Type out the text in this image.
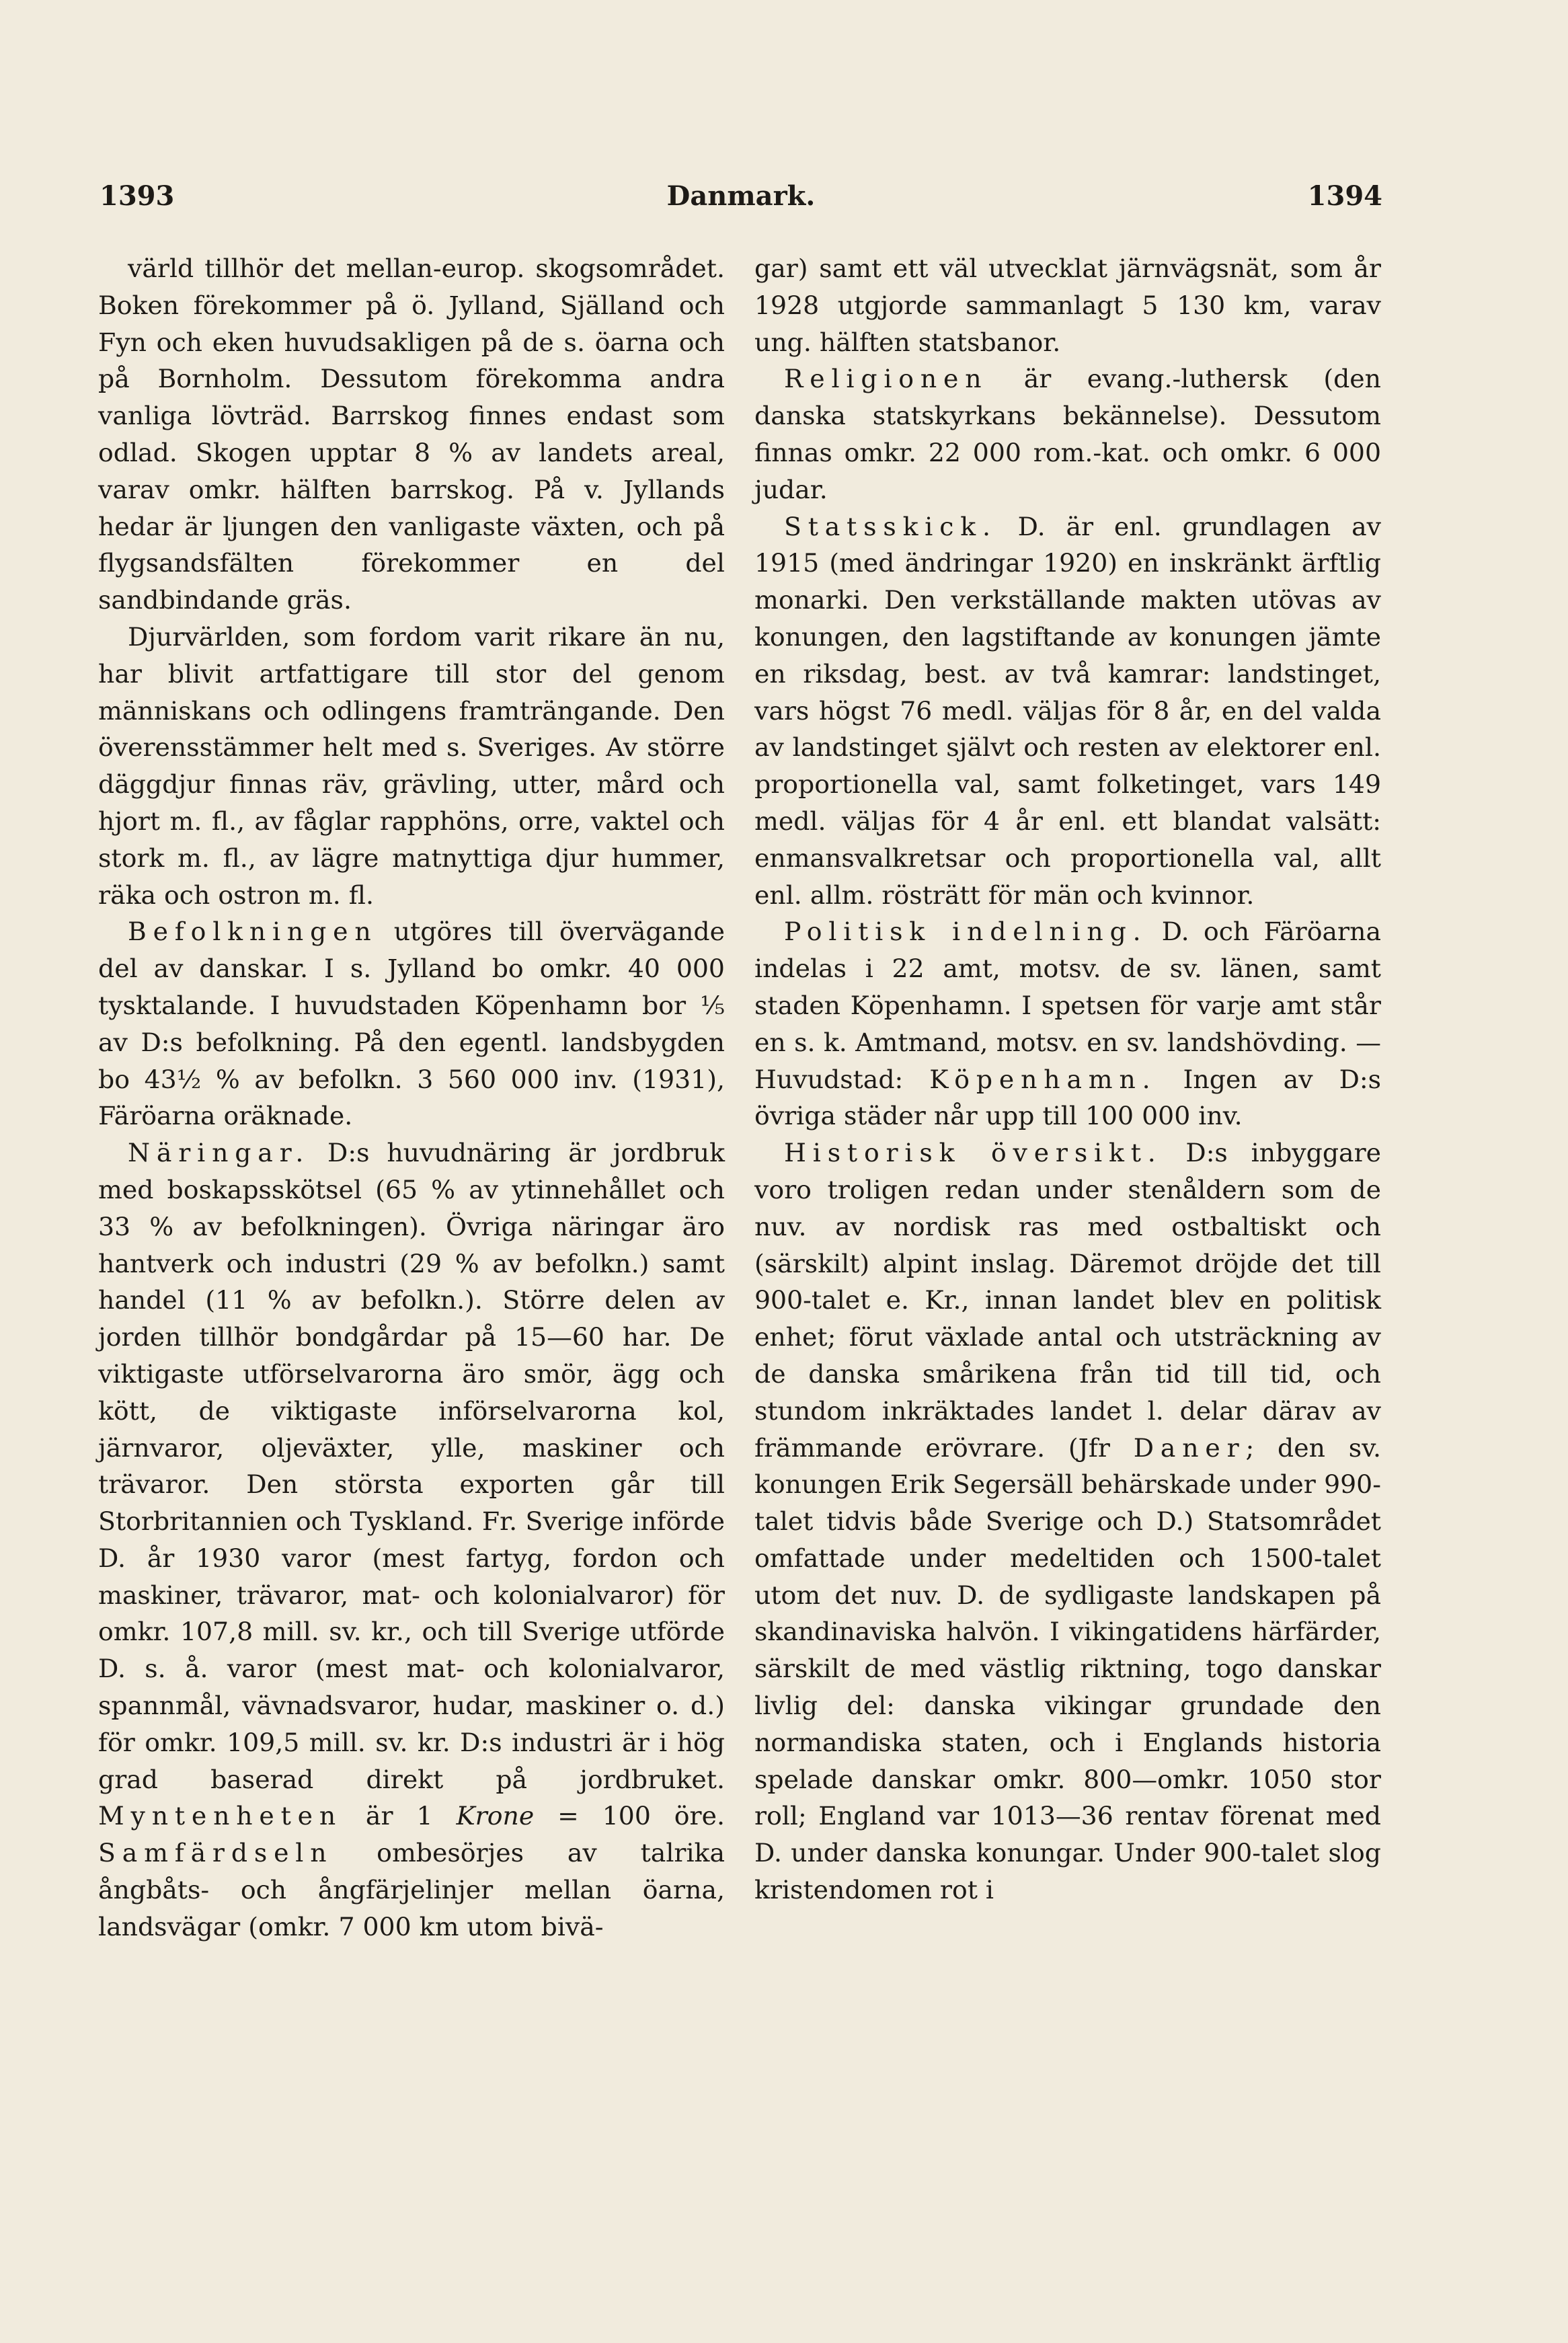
1393	Danmark.	1394

värld tillhör det mellan-europ. skogsområdet. Boken förekommer på ö. Jylland, Själland och Fyn och eken huvudsakligen på de s. öarna och på Bornholm. Dessutom förekomma andra vanliga lövträd. Barrskog finnes endast som odlad. Skogen upptar 8 % av landets areal, varav omkr. hälften barrskog. På v. Jyllands hedar är ljungen den vanligaste växten, och på flygsandsfälten förekommer en del sandbindande gräs.

Djurvärlden, som fordom varit rikare än nu, har blivit artfattigare till stor del genom människans och odlingens framträngande. Den överensstämmer helt med s. Sveriges. Av större däggdjur finnas räv, grävling, utter, mård och hjort m. fl., av fåglar rapphöns, orre, vaktel och stork m. fl., av lägre matnyttiga djur hummer, räka och ostron m. fl.

Befolkningen utgöres till övervägande del av danskar. I s. Jylland bo omkr. 40 000 tysktalande. I huvudstaden Köpenhamn bor ⅕ av D:s befolkning. På den egentl. landsbygden bo 43½ % av befolkn. 3 560 000 inv. (1931), Färöarna oräknade.

Näringar. D:s huvudnäring är jordbruk med boskapsskötsel (65 % av ytinnehållet och 33 % av befolkningen). Övriga näringar äro hantverk och industri (29 % av befolkn.) samt handel (11 % av befolkn.). Större delen av jorden tillhör bondgårdar på 15—60 har. De viktigaste utförselvarorna äro smör, ägg och kött, de viktigaste införselvarorna kol, järnvaror, oljeväxter, ylle, maskiner och trävaror. Den största exporten går till Storbritannien och Tyskland. Fr. Sverige införde D. år 1930 varor (mest fartyg, fordon och maskiner, trävaror, mat- och kolonialvaror) för omkr. 107,8 mill. sv. kr., och till Sverige utförde D. s. å. varor (mest mat- och kolonialvaror, spannmål, vävnadsvaror, hudar, maskiner o. d.) för omkr. 109,5 mill. sv. kr. D:s industri är i hög grad baserad direkt på jordbruket. Myntenheten är 1 Krone = 100 öre. Samfärdseln ombesörjes av talrika ångbåts- och ångfärjelinjer mellan öarna, landsvägar (omkr. 7 000 km utom bivä-

gar) samt ett väl utvecklat järnvägsnät, som år 1928 utgjorde sammanlagt 5 130 km, varav ung. hälften statsbanor.

Religionen är evang.-luthersk (den danska statskyrkans bekännelse). Dessutom finnas omkr. 22 000 rom.-kat. och omkr. 6 000 judar.

Statsskick. D. är enl. grundlagen av 1915 (med ändringar 1920) en inskränkt ärftlig monarki. Den verkställande makten utövas av konungen, den lagstiftande av konungen jämte en riksdag, best. av två kamrar: landstinget, vars högst 76 medl. väljas för 8 år, en del valda av landstinget självt och resten av elektorer enl. proportionella val, samt folketinget, vars 149 medl. väljas för 4 år enl. ett blandat valsätt: enmansvalkretsar och proportionella val, allt enl. allm. rösträtt för män och kvinnor.

Politisk indelning. D. och Färöarna indelas i 22 amt, motsv. de sv. länen, samt staden Köpenhamn. I spetsen för varje amt står en s. k. Amtmand, motsv. en sv. landshövding. — Huvudstad: Köpenhamn. Ingen av D:s övriga städer når upp till 100 000 inv.

Historisk översikt. D:s inbyggare voro troligen redan under stenåldern som de nuv. av nordisk ras med ostbaltiskt och (särskilt) alpint inslag. Däremot dröjde det till 900-talet e. Kr., innan landet blev en politisk enhet; förut växlade antal och utsträckning av de danska smårikena från tid till tid, och stundom inkräktades landet l. delar därav av främmande erövrare. (Jfr Daner; den sv. konungen Erik Segersäll behärskade under 990-talet tidvis både Sverige och D.) Statsområdet omfattade under medeltiden och 1500-talet utom det nuv. D. de sydligaste landskapen på skandinaviska halvön. I vikingatidens härfärder, särskilt de med västlig riktning, togo danskar livlig del: danska vikingar grundade den normandiska staten, och i Englands historia spelade danskar omkr. 800—omkr. 1050 stor roll; England var 1013—36 rentav förenat med D. under danska konungar. Under 900-talet slog kristendomen rot i
